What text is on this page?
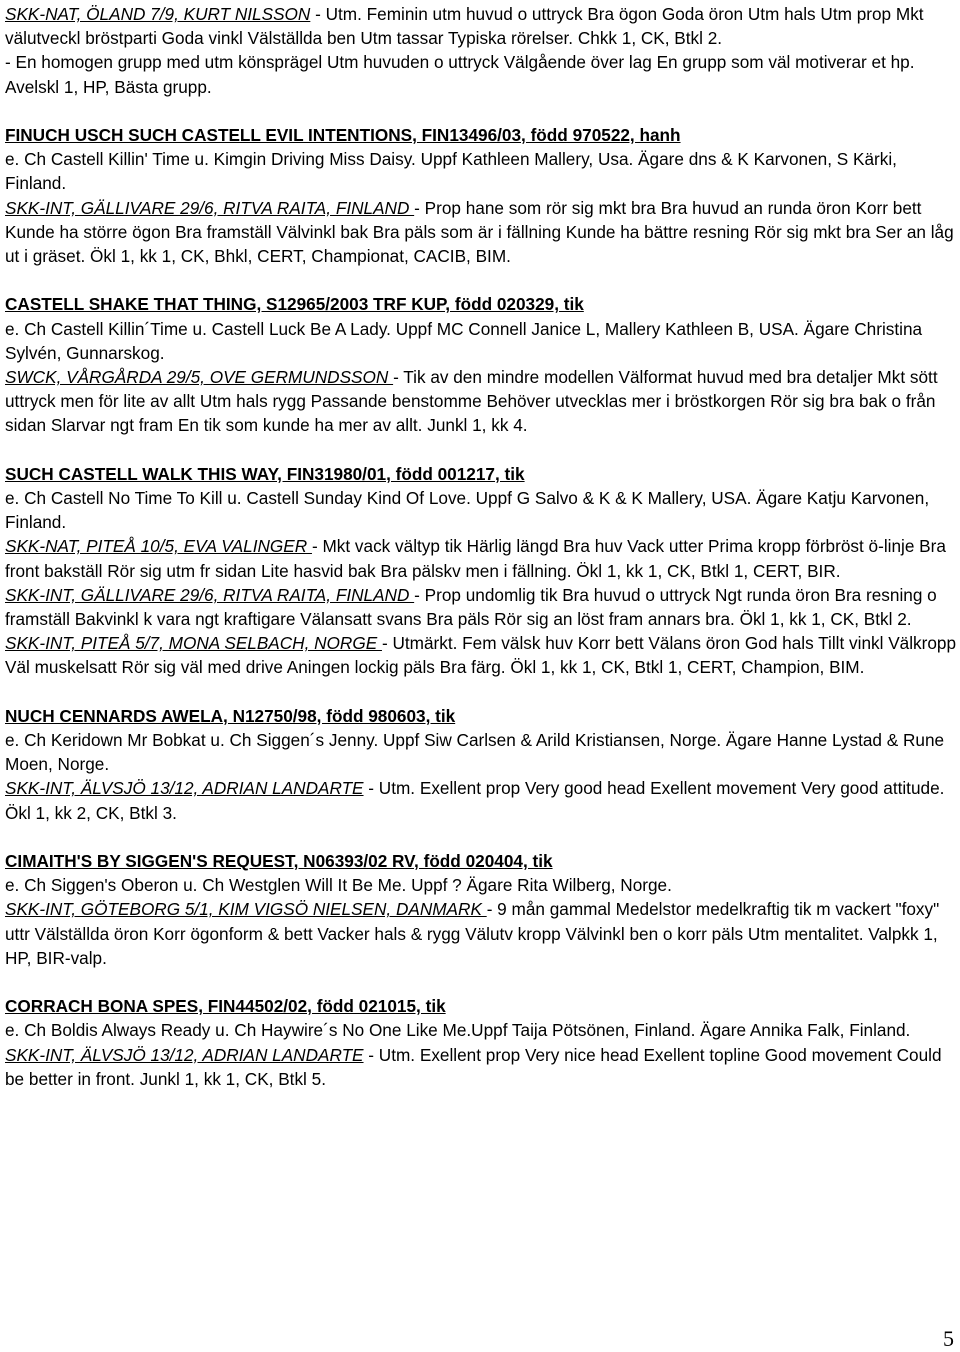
SKK-NAT, ÖLAND 7/9, KURT NILSSON - Utm. Feminin utm huvud o uttryck Bra ögon Goda öron Utm hals Utm prop Mkt välutveckl bröstparti Goda vinkl Välställda ben Utm tassar Typiska rörelser. Chkk 1, CK, Btkl 2.

- En homogen grupp med utm könsprägel Utm huvuden o uttryck Välgående över lag En grupp som väl motiverar et hp. Avelskl 1, HP, Bästa grupp.

FINUCH USCH SUCH CASTELL EVIL INTENTIONS, FIN13496/03, född 970522, hanh

e. Ch Castell Killin' Time u. Kimgin Driving Miss Daisy. Uppf Kathleen Mallery, Usa. Ägare dns & K Karvonen, S Kärki, Finland.

SKK-INT, GÄLLIVARE 29/6, RITVA RAITA, FINLAND - Prop hane som rör sig mkt bra Bra huvud an runda öron Korr bett Kunde ha större ögon Bra framställ Välvinkl bak Bra päls som är i fällning Kunde ha bättre resning Rör sig mkt bra Ser an låg ut i gräset. Ökl 1, kk 1, CK, Bhkl, CERT, Championat, CACIB, BIM.

CASTELL SHAKE THAT THING, S12965/2003 TRF KUP, född 020329, tik

e. Ch Castell Killin´Time u. Castell Luck Be A Lady. Uppf MC Connell Janice L, Mallery Kathleen B, USA. Ägare Christina Sylvén, Gunnarskog.

SWCK, VÅRGÅRDA 29/5, OVE GERMUNDSSON - Tik av den mindre modellen Välformat huvud med bra detaljer Mkt sött uttryck men för lite av allt Utm hals rygg Passande benstomme Behöver utvecklas mer i bröstkorgen Rör sig bra bak o från sidan Slarvar ngt fram En tik som kunde ha mer av allt. Junkl 1, kk 4.

SUCH CASTELL WALK THIS WAY, FIN31980/01, född 001217, tik

e. Ch Castell No Time To Kill u. Castell Sunday Kind Of Love. Uppf G Salvo & K & K Mallery, USA. Ägare Katju Karvonen, Finland.

SKK-NAT, PITEÅ 10/5, EVA VALINGER - Mkt vack vältyp tik Härlig längd Bra huv Vack utter Prima kropp förbröst ö-linje Bra front bakställ Rör sig utm fr sidan Lite hasvid bak Bra pälskv men i fällning. Ökl 1, kk 1, CK, Btkl 1, CERT, BIR.

SKK-INT, GÄLLIVARE 29/6, RITVA RAITA, FINLAND - Prop undomlig tik Bra huvud o uttryck Ngt runda öron Bra resning o framställ Bakvinkl k vara ngt kraftigare Välansatt svans Bra päls Rör sig an löst fram annars bra. Ökl 1, kk 1, CK, Btkl 2.

SKK-INT, PITEÅ 5/7, MONA SELBACH, NORGE - Utmärkt. Fem välsk huv Korr bett Välans öron God hals Tillt vinkl Välkropp Väl muskelsatt Rör sig väl med drive Aningen lockig päls Bra färg. Ökl 1, kk 1, CK, Btkl 1, CERT, Champion, BIM.

NUCH CENNARDS AWELA, N12750/98, född 980603, tik

e. Ch Keridown Mr Bobkat u. Ch Siggen´s Jenny. Uppf Siw Carlsen & Arild Kristiansen, Norge. Ägare Hanne Lystad & Rune Moen, Norge.

SKK-INT, ÄLVSJÖ 13/12, ADRIAN LANDARTE - Utm. Exellent prop Very good head Exellent movement Very good attitude. Ökl 1, kk 2, CK, Btkl 3.

CIMAITH'S BY SIGGEN'S REQUEST, N06393/02 RV, född 020404, tik

e. Ch Siggen's Oberon u. Ch Westglen Will It Be Me. Uppf ? Ägare Rita Wilberg, Norge.

SKK-INT, GÖTEBORG 5/1, KIM VIGSÖ NIELSEN, DANMARK - 9 mån gammal Medelstor medelkraftig tik m vackert "foxy" uttr Välställda öron Korr ögonform & bett Vacker hals & rygg Välutv kropp Välvinkl ben o korr päls Utm mentalitet. Valpkk 1, HP, BIR-valp.

CORRACH BONA SPES, FIN44502/02, född 021015, tik

e. Ch Boldis Always Ready u. Ch Haywire´s No One Like Me.Uppf Taija Pötsönen, Finland. Ägare Annika Falk, Finland.

SKK-INT, ÄLVSJÖ 13/12, ADRIAN LANDARTE - Utm. Exellent prop Very nice head Exellent topline Good movement Could be better in front. Junkl 1, kk 1, CK, Btkl 5.

5
